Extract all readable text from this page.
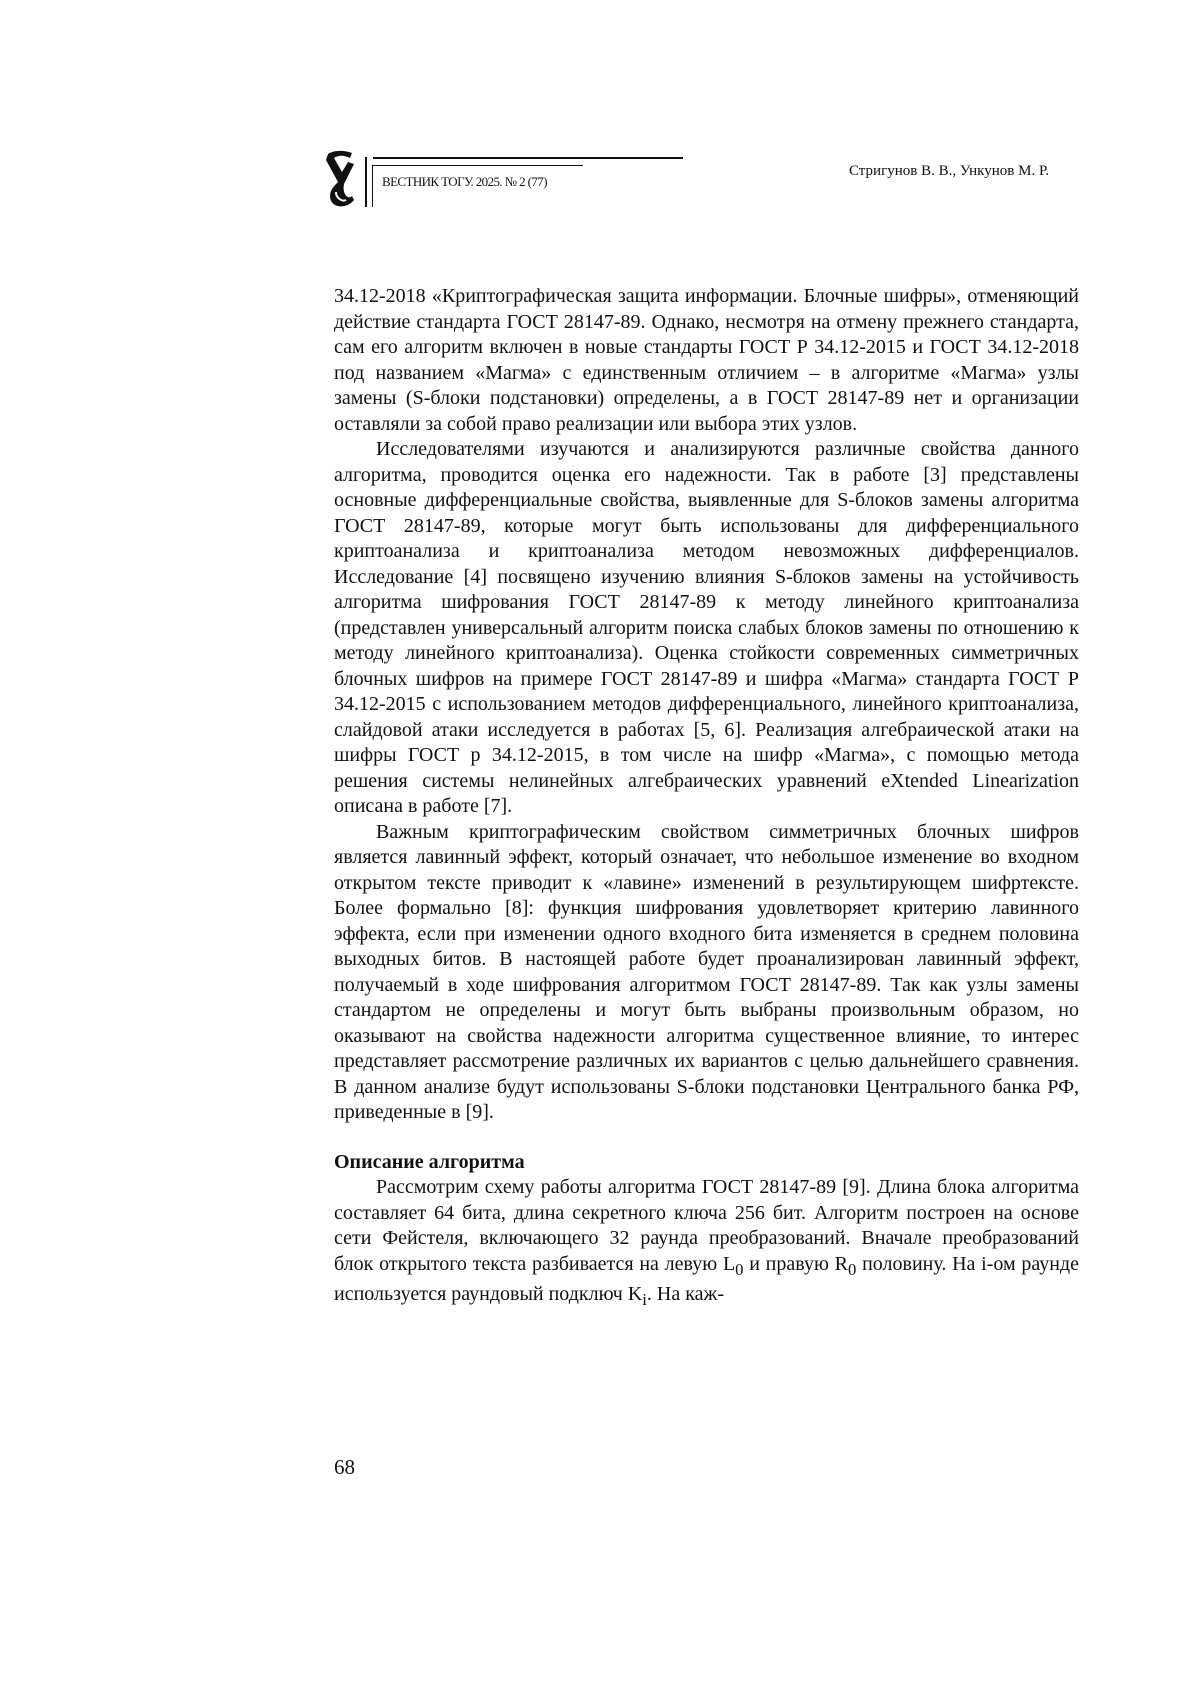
ВЕСТНИК ТОГУ. 2025. № 2 (77)
Стригунов В. В., Ункунов М. Р.

34.12-2018 «Криптографическая защита информации. Блочные шифры», отменяющий действие стандарта ГОСТ 28147-89. Однако, несмотря на отмену прежнего стандарта, сам его алгоритм включен в новые стандарты ГОСТ Р 34.12-2015 и ГОСТ 34.12-2018 под названием «Магма» с единственным отличием – в алгоритме «Магма» узлы замены (S-блоки подстановки) определены, а в ГОСТ 28147-89 нет и организации оставляли за собой право реализации или выбора этих узлов.

Исследователями изучаются и анализируются различные свойства данного алгоритма, проводится оценка его надежности. Так в работе [3] представлены основные дифференциальные свойства, выявленные для S-блоков замены алгоритма ГОСТ 28147-89, которые могут быть использованы для дифференциального криптоанализа и криптоанализа методом невозможных дифференциалов. Исследование [4] посвящено изучению влияния S-блоков замены на устойчивость алгоритма шифрования ГОСТ 28147-89 к методу линейного криптоанализа (представлен универсальный алгоритм поиска слабых блоков замены по отношению к методу линейного криптоанализа). Оценка стойкости современных симметричных блочных шифров на примере ГОСТ 28147-89 и шифра «Магма» стандарта ГОСТ Р 34.12-2015 с использованием методов дифференциального, линейного криптоанализа, слайдовой атаки исследуется в работах [5, 6]. Реализация алгебраической атаки на шифры ГОСТ р 34.12-2015, в том числе на шифр «Магма», с помощью метода решения системы нелинейных алгебраических уравнений eXtended Linearization описана в работе [7].

Важным криптографическим свойством симметричных блочных шифров является лавинный эффект, который означает, что небольшое изменение во входном открытом тексте приводит к «лавине» изменений в результирующем шифртексте. Более формально [8]: функция шифрования удовлетворяет критерию лавинного эффекта, если при изменении одного входного бита изменяется в среднем половина выходных битов. В настоящей работе будет проанализирован лавинный эффект, получаемый в ходе шифрования алгоритмом ГОСТ 28147-89. Так как узлы замены стандартом не определены и могут быть выбраны произвольным образом, но оказывают на свойства надежности алгоритма существенное влияние, то интерес представляет рассмотрение различных их вариантов с целью дальнейшего сравнения. В данном анализе будут использованы S-блоки подстановки Центрального банка РФ, приведенные в [9].

Описание алгоритма

Рассмотрим схему работы алгоритма ГОСТ 28147-89 [9]. Длина блока алгоритма составляет 64 бита, длина секретного ключа 256 бит. Алгоритм построен на основе сети Фейстеля, включающего 32 раунда преобразований. Вначале преобразований блок открытого текста разбивается на левую $L_0$ и правую $R_0$ половину. На i-ом раунде используется раундовый подключ $K_i$. На каж-

68
